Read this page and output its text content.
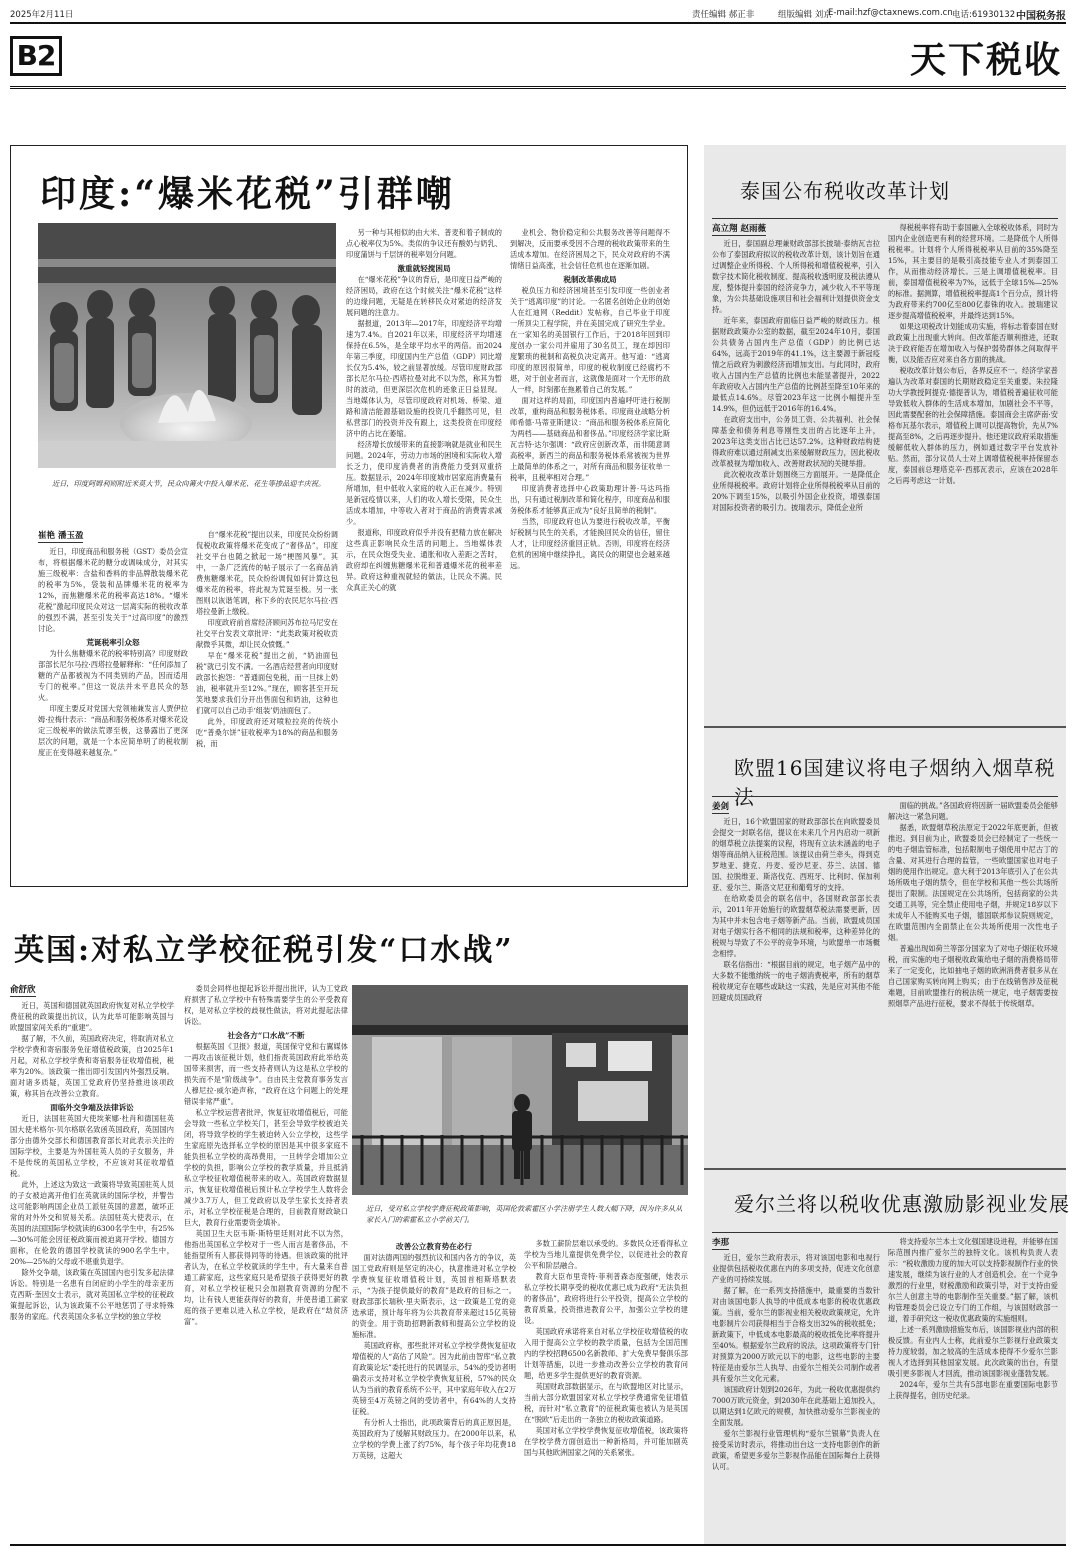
2025年2月11日	责任编辑 郝正非	组版编辑 刘京
E-mail:hzf@ctaxnews.com.cn 电话:61930132 中国税务报
B2	天下税收
印度:“爆米花税”引群嘲
近日，印度阿姆利则附近米莫大节，民众向篝火中投入爆米花、花生等掺品迎丰庆祝。
崔艳 潘玉盈

近日，印度商品和服务税（GST）委员会宣布，将根据爆米花的糖分或调味成分，对其实施三级税率：含盐和香料的非品牌散装爆米花的税率为5%，袋装和品牌爆米花的税率为12%，而焦糖爆米花的税率高达18%。“爆米花税”激起印度民众对这一层离实际的税收改革的强烈不满，甚至引发关于“过高印度”的激烈讨论。

荒诞税率引众怒

为什么焦糖爆米花的税率特别高？印度财政部部长尼尔马拉·西塔拉曼解释称：“任何添加了糖的产品都被视为不同类别的产品，因而适用专门的税率。”但这一说法并未平息民众的怒火。

印度主要反对党国大党领袖兼发言人贾伊拉姆·拉梅什表示：“商品和服务税体系对爆米花设定三级税率的做法荒谬至极，这暴露出了更深层次的问题，就是一个本应简单明了的税收制度正在变得越来越复杂。”

自“爆米花税”提出以来，印度民众纷纷调侃税收政策将爆米花变成了“奢侈品”，印度社交平台也随之掀起一场“梗图风暴”。其中，一条广泛流传的帖子展示了一名商品消费焦糖爆米花，民众纷纷调侃如何计算这包爆米花的税率，将此视为荒诞至极。另一张图则以诙谐笔调，称下乡的农民尼尔马拉·西塔拉曼新上缴税。

印度政府前首席经济顾问苏布拉马尼安在社交平台发表文章批评：“此类政策对税收贡献微乎其微，却让民众愤慨。”

早在“爆米花税”提出之前，“奶油面包税”就已引发不满。一名酒店经营者向印度财政部长抱怨：“普通面包免税，而一旦抹上奶油，税率就升至12%。”现在，顾客甚至开玩笑地要求我们分开出售面包和奶油，这种也们就可以自己动手‘组装’奶油面包了。

此外，印度政府还对喷粒拉亮的传统小吃“普桑尔饼”征收税率为18%的商品和服务税，而

另一种与其相似的由大米、普麦和着子制成的点心税率仅为5%。类似的争议还有酸奶与奶乳、印度蒲饼与千层饼的税率划分问题。

激重就轻搅困局

在“爆米花税”争议的背后，是印度日益严峻的经济困局，政府在这个时候关注“爆米花税”这样的边缘问题，无疑是在转移民众对紧迫的经济发展问题的注意力。

据报道，2013年—2017年，印度经济平均增速为7.4%。自2021年以来，印度经济平均增速保持在6.5%，是全球平均水平的两倍。而2024年第三季度，印度国内生产总值（GDP）同比增长仅为5.4%，较之前显著放缓。尽管印度财政部部长尼尔马拉·西塔拉曼对此不以为然，称其为暂时的波动，但更深层次危机的迹象正日益显现。当地媒体认为，尽管印度政府对机场、桥梁、道路和清洁能源基础设施的投资几乎翻然可见，但私营部门的投资并没有跟上，这类投资在印度经济中的占比在萎缩。

经济增长放缓带来的直接影响就是就业和民生问题。2024年，劳动力市场的困境和实际收入增长乏力，使印度消费者的消费能力受到双重挤压。数据显示，2024年印度城市居家庭消费量有所增加，但中低收入家庭的收入正在减少。特别是新冠疫情以来，人们的收入增长受限，民众生活成本增加，中等收入者对于商品的消费需求减少。

报道称，印度政府似乎并没有把精力放在解决这些真正影响民众生活的问题上。当地媒体表示，在民众饱受失业、通胀和收入差距之苦时，政府却在纠缠焦糖爆米花和普通爆米花的税率差异。政府这种重视就轻的做法，让民众不满。民众真正关心的就

业机会、物价稳定和公共服务改善等问题得不到解决，反而要承受因不合理的税收政策带来的生活成本增加。在经济困局之下，民众对政府的不满情绪日益高涨，社会信任危机也在逐渐加剧。

税制改革佛成局

税负压力和经济困境甚至引发印度一些创业者关于“逃离印度”的讨论。一名匿名创始企业的创始人在红迪网（Reddit）发帖称，自己毕业于印度一所顶尖工程学院，并在美国完成了研究生学业。在一家知名的美国银行工作后，于2018年回到印度创办一家公司并雇用了30名员工，现在却因印度繁琐的税制和高税负决定离开。他写道：“逃离印度的原因很简单，印度的税收制度已经腐朽不堪，对于创业者而言，这就像是面对一个无形的敌人一样，时刻都在拖累着自己的发展。”

面对这样的局面，印度国内普遍呼吁进行税制改革，重构商品和服务税体系。印度商业战略分析师希德·马蒂亚斯建议：“商品和服务税体系应简化为两档——基础商品和奢侈品。”印度经济学家比斯瓦吉特·达尔强调：“政府应创新改革，而非随意调高税率，新西兰的商品和服务税体系常被视为世界上最简单的体系之一，对所有商品和服务征收单一税率，且税率相对合理。”

印度消费者选择中心政策助理计善·马达玛指出，只有通过税制改革和简化程序，印度商品和服务税体系才能够真正成为“良好且简单的税制”。

当然，印度政府也认为要进行税收改革，平衡好税制与民生的关系，才能换回民众的信任，留住人才，让印度经济重回正轨。否则，印度将在经济危机的困境中继续挣扎，离民众的期望也会越来越远。

泰国公布税收改革计划
高立翔 赵雨薇

近日，泰国副总理兼财政部部长披瑞·泰纳瓦吉拉公布了泰国政府拟议的税收改革计划，该计划旨在通过调整企业所得税、个人所得税和增值税税率，引入数字技术简化税收制度、提高税收透明度及税法遵从度，整体提升泰国的经济竞争力，减少收入不平等现象，为公共基础设施项目和社会福利计划提供资金支持。

近年来，泰国政府面临日益严峻的财政压力。根据财政政策办公室的数据，截至2024年10月，泰国公共债务占国内生产总值（GDP）的比例已达64%，远高于2019年的41.1%，这主要源于新冠疫情之后政府为刺激经济而增加支出。与此同时，政府收入占国内生产总值的比例也未能显著提升，2022年政府收入占国内生产总值的比例甚至降至10年来的最低点14.6%。尽管2023年这一比例小幅提升至14.9%，但仍远低于2016年的16.4%。

在政府支出中，公务员工资、公共福利、社会保障基金和债务利息等刚性支出的占比逐年上升，2023年这类支出占比已达57.2%。这种财政结构使得政府难以通过削减支出来缓解财政压力，因此税收改革被视为增加收入、改善财政状况的关键举措。

此次税收改革计划围绕三方面展开。一是降低企业所得税税率。政府计划将企业所得税税率从目前的20%下调至15%，以吸引外国企业投资，增强泰国对国际投资者的吸引力。披瑞表示，降低企业所

得税税率将有助于泰国融入全球税收体系，同时为国内企业创造更有利的经营环境。二是降低个人所得税税率。计划将个人所得税税率从目前的35%降至15%，其主要目的是吸引高技能专业人才到泰国工作，从而推动经济增长。三是上调增值税税率。目前，泰国增值税税率为7%，远低于全球15%—25%的标准。据测算，增值税税率提高1个百分点，预计将为政府带来约700亿至800亿泰铢的收入。披瑞建议逐步提高增值税税率，并最终达到15%。

如果这项税改计划能成功实施，将标志着泰国在财政政策上出现重大转向。但改革能否顺利推进，还取决于政府能否在增加收入与保护弱势群体之间取得平衡，以及能否应对来自各方面的挑战。

税收改革计划公布后，各界反应不一。经济学家普遍认为改革对泰国的长期财政稳定至关重要。朱拉隆功大学教授阿提克·德提普认为，增值税普遍征收可能导致低收入群体的生活成本增加，加剧社会不平等，因此需要配套的社会保障措施。泰国商会主席萨南·安格布瓦基尔表示，增值税上调可以提高物价，先从7%提高至8%，之后再逐步提升。他还建议政府采取措施缓解低收入群体的压力，例如通过数字平台发放补贴。然而，部分议员人士对上调增值税税率持保留态度，泰国前总理塔克辛·西那瓦表示，应该在2028年之后再考虑这一计划。

欧盟16国建议将电子烟纳入烟草税法
姜剑

近日，16个欧盟国家的财政部部长在向欧盟委员会提交一封联名信，提议在未来几个月内启动一项新的烟草税立法提案的议程，将现有立法未涵盖的电子烟等商品纳入征税范围。该提议由荷兰牵头，得到克罗地亚、捷克、丹麦、爱沙尼亚、芬兰、法国、德国、拉脱维亚、斯洛伐克、西班牙、比利时、保加利亚、爱尔兰、斯洛文尼亚和葡萄牙的支持。

在给欧委员会的联名信中，各国财政部部长表示，2011年开始施行的欧盟烟草税法需要更新，因为其中并未包含电子烟等新产品。当前，欧盟成员国对电子烟实行各不相同的法规和税率，这种差异化的税规与导致了不公平的竞争环境，与欧盟单一市场概念相悖。

联名信指出：“根据目前的规定，电子烟产品中的大多数不能缴纳统一的电子烟消费税率，所有的烟草税收规定存在哪些或缺这一实践，先是应对其他不能回避成员国政府

面临的挑战。”各国政府将因新一届欧盟委员会能够解决这一紧急问题。

据悉，欧盟烟草税法原定于2022年底更新，但被推迟。到目前为止，欧盟委员会已经制定了一些统一的电子烟监管标准，包括限制电子烟使用中尼古丁的含量、对其进行合理的监管，一些欧盟国家也对电子烟的使用作出规定。意大利于2013年底引入了在公共场所吸电子烟的禁令，但在学校和其他一些公共场所提出了限制。法国规定在公共场所，包括商家的公共交通工具等，完全禁止使用电子烟，并规定18岁以下未成年人不能购买电子烟，德国联邦参议院则规定，在欧盟范围内全面禁止在公共场所使用一次性电子烟。

普遍出现如荷兰等部分国家为了对电子烟征收环境税，而实施的电子烟税收政策给电子烟的消费格局带来了一定变化，比如抽电子烟的欧洲消费者很多从在自己国家购买转向网上购买；由于在线销售涉及征税难题，目前欧盟推行的税法统一规定，电子烟需要按照烟草产品进行征税，要求不得低于传统烟草。

爱尔兰将以税收优惠激励影视业发展
李那

近日，爱尔兰政府表示，将对该国电影和电视行业提供包括税收优惠在内的多项支持，促进文化创意产业的可持续发展。

据了解，在一系列支持措施中，最重要的当数针对由该国电影人执导的中低成本电影的税收优惠政策。当前，爱尔兰的影视业相关税收政策规定，允许电影制片公司获得相当于合格支出32%的税收抵免；新政策下，中低成本电影最高的税收抵免比率将提升至40%。根据爱尔兰政府的说法，这项政策将专门针对预算为2000万欧元以下的电影，这些电影的主要特征是由爱尔兰人执导、由爱尔兰相关公司制作或者具有爱尔兰文化元素。

该国政府计划到2026年，为此一税收优惠提供约7000万欧元资金，到2030年在此基础上追加投入，以期达到1亿欧元的规模，加快推动爱尔兰影视业的全面发展。

爱尔兰影视行业管理机构“爱尔兰银幕”负责人在接受采访时表示，将推动出台这一支持电影创作的新政策，希望更多爱尔兰影视作品能在国际舞台上获得认可。

将支持爱尔兰本土文化强国建设进程，并能够在国际范围内推广爱尔兰的独特文化。该机构负责人表示：“税收激励力度的加大可以支持影视制作行业的快速发展，继续为该行业的人才创造机会。在一个竞争激烈的行业里，财税激励和政策引导，对于支持由爱尔兰人创意主导的电影制作至关重要。”据了解，该机构管理委员会已设立专门的工作组，与该国财政部一道，着手研究这一税收优惠政策的实施细则。

上述一系列激励措施发布后，该国影视业内部的积极反馈。有业内人士称，此前爱尔兰影视行业政策支持力度较弱，加之较高的生活成本使得不少爱尔兰影视人才选择到其他国家发展。此次政策的出台，有望吸引更多影视人才回流，推动该国影视业蓬勃发展。

2024年，爱尔兰共有5部电影在重要国际电影节上获得提名，创历史纪录。

英国:对私立学校征税引发“口水战”
俞舒欣

近日，英国和德国就英国政府恢复对私立学校学费征税的政策提出抗议，认为此举可能影响英国与欧盟国家间关系的“重建”。

据了解，不久前，英国政府决定，将取消对私立学校学费和寄宿服务免征增值税政策，自2025年1月起，对私立学校学费和寄宿服务征收增值税，税率为20%。该政策一推出即引发国内外强烈反响。面对诸多质疑，英国工党政府仍坚持推进该项政策，称其旨在改善公立教育。

面临外交争端及法律诉讼

近日，法国驻英国大使埃莱娜·杜肖和德国驻英国大使米格尔·贝尔格联名致函英国政府，英国国内部分由德外交部长和德国教育部长对此表示关注的国际学校，主要是为外国驻英人员的子女服务，并不是传统的英国私立学校，不应该对其征收增值税。

此外，上述这为致这一政策将导致英国驻英人员的子女被迫离开他们在英就读的国际学校，并警告这可能影响两国企业员工派驻英国的意愿，破坏正常的对外外交和贸易关系。法国驻英大使表示，在英国的法国国际学校就读的6300名学生中，有25%—30%可能会因征税政策而被迫离开学校。德国方面称，在伦敦的德国学校就读的900名学生中，20%—25%的父母或不堪重负退学。

除外交争端，该政策在英国国内也引发多起法律诉讼。特别是一名患有自闭症的小学生的母亲亚历克西斯·奎因女士表示，就对英国私立学校的征税政策提起诉讼，认为该政策不公平地惩罚了寻求特殊服务的家庭。代表英国众多私立学校的独立学校

委员会同样也提起诉讼并提出批评，认为工党政府损害了私立学校中有特殊需要学生的公平受教育权，是对私立学校的歧视性做法，将对此提起法律诉讼。

社会各方“口水战”不断

根据英国《卫报》报道，英国保守党和右翼媒体一再攻击该征税计划，他们指责英国政府此举给英国带来损害，而一些支持者则认为这是私立学校的损失而不是“阶级战争”。自由民主党教育事务发言人穆尼拉·威尔逊声称，“政府在这个问题上的处理错误非常严重”。

私立学校运营者批评，恢复征收增值税后，可能会导致一些私立学校关门，甚至会导致学校被迫关闭，将导致学校的学生被迫转入公立学校，这些学生家庭原先选择私立学校的原因是其中很多家庭不能负担私立学校的高昂费用，一旦转学会增加公立学校的负担，影响公立学校的教学质量，并且抵消私立学校征收增值税带来的收入。英国政府数据显示，恢复征收增值税后预计私立学校学生人数将会减少3.7万人，但工党政府以及学生家长支持者表示，对私立学校征税是合理的，目前教育财政缺口巨大，教育行业需要资金填补。

英国卫生大臣韦斯·斯特里廷则对此不以为然，他指出英国私立学校对于一些人而言是奢侈品，不能指望所有人都获得同等的待遇。但该政策的批评者认为，在私立学校就读的学生中，有大量来自普通工薪家庭，这些家庭只是希望孩子获得更好的教育，对私立学校征税只会加剧教育资源的分配不均，让有钱人更能获得好的教育，并使普通工薪家庭的孩子更难以进入私立学校，是政府在“劫贫济富”。

近日，受对私立学校学费征税政策影响，英国伦敦索霍区小学注册学生人数大幅下降，因为许多从从家长入门的索霍私立小学前关门。

改善公立教育势在必行

面对法德两国的强烈抗议和国内各方的争议，英国工党政府则是坚定的决心，执意推进对私立学校学费恢复征收增值税计划，英国首相斯塔默表示，“为孩子提供最好的教育”是政府的目标之一。财政部部长瑞秋·里夫斯表示，这一政策是工党的竞选承诺，预计每年将为公共教育带来超过15亿英镑的资金。用于资助招聘新教师和提高公立学校的设施标准。

英国政府称，那些批评对私立学校学费恢复征收增值税的人“高估了风险”。因为此前由智库“私立教育政策论坛”委托进行的民调显示，54%的受访者明确表示支持对私立学校学费恢复征税，57%的民众认为当前的教育系统不公平，其中家庭年收入在2万英镑至4万英镑之间的受访者中，有64%的人支持征税。

有分析人士指出，此项政策背后的真正原因是，英国政府为了缓解其财政压力。在2000年以来，私立学校的学费上涨了约75%，每个孩子年均花费18万英镑，这超大

多数工薪阶层难以承受的。多数民众还看得私立学校为当地儿童提供免费学位，以促进社会的教育公平和阶层融合。

教育大臣布里奇特·菲利普森态度强硬，她表示私立学校长期享受的税收优惠已成为政府“无法负担的奢侈品”，政府将进行公平投资，提高公立学校的教育质量，投资推进教育公平，加强公立学校的建设。

英国政府承诺将来自对私立学校征收增值税的收入用于提高公立学校的教学质量，包括为全国范围内的学校招聘6500名新教师、扩大免费早餐俱乐部计划等措施，以进一步推动改善公立学校的教育问题，给更多学生提供更好的教育资源。

英国财政部数据显示，在与欧盟地区对比显示，当前大部分欧盟国家对私立学校学费通常免征增值税，而针对“私立教育”的征税政策也被认为是英国在“脱欧”后走出的一条独立的税收政策道路。

英国对私立学校学费恢复征收增值税，该政策将在学校学费方面创造出一种新格局，并可能加剧英国与其他欧洲国家之间的关系紧张。
